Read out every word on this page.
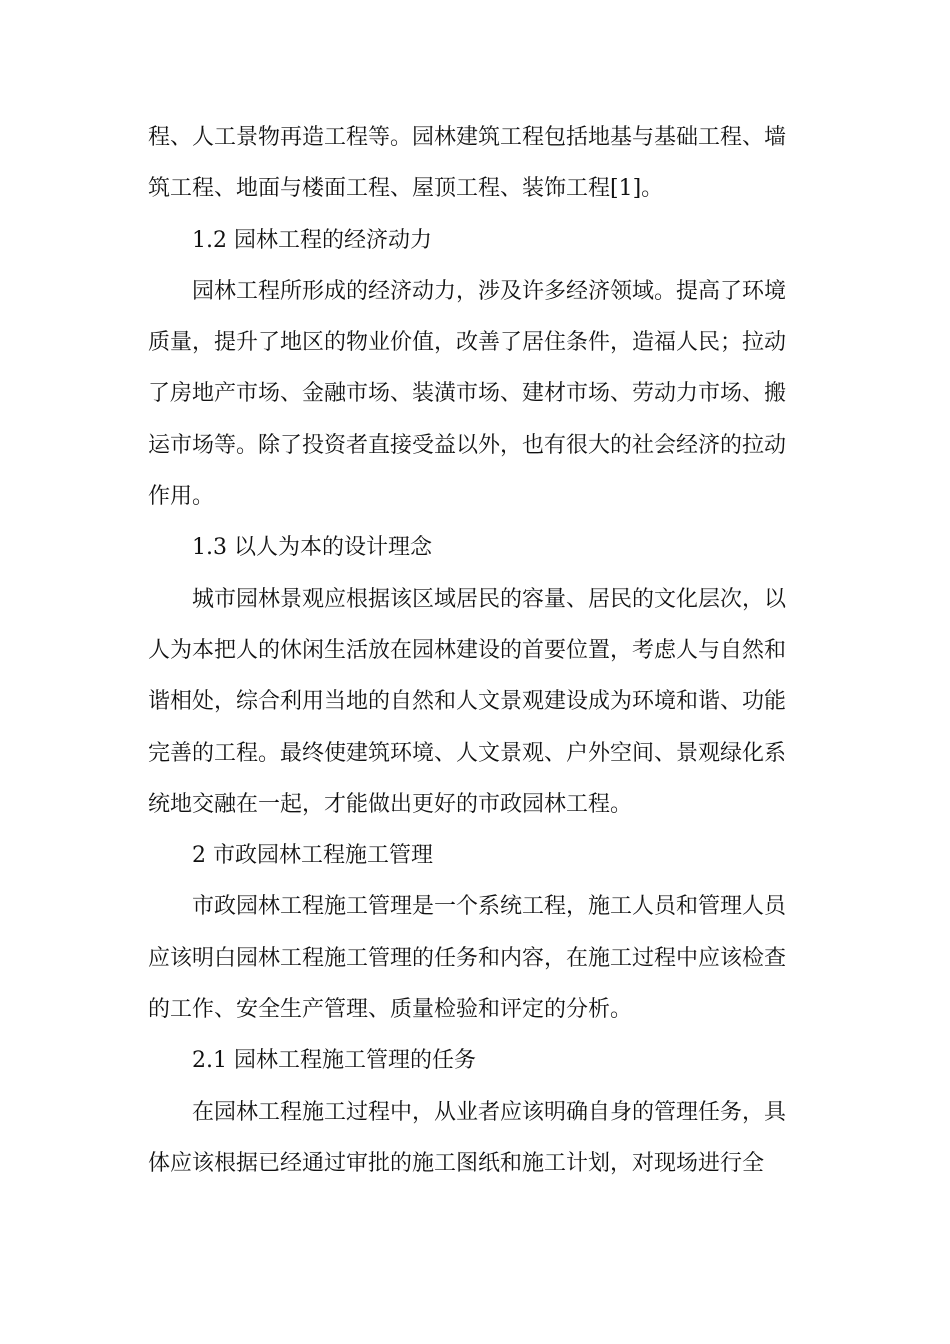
程、人工景物再造工程等。园林建筑工程包括地基与基础工程、墙
筑工程、地面与楼面工程、屋顶工程、装饰工程[1]。
1.2 园林工程的经济动力
园林工程所形成的经济动力，涉及许多经济领域。提高了环境
质量，提升了地区的物业价值，改善了居住条件，造福人民；拉动
了房地产市场、金融市场、装潢市场、建材市场、劳动力市场、搬
运市场等。除了投资者直接受益以外，也有很大的社会经济的拉动
作用。
1.3 以人为本的设计理念
城市园林景观应根据该区域居民的容量、居民的文化层次，以
人为本把人的休闲生活放在园林建设的首要位置，考虑人与自然和
谐相处，综合利用当地的自然和人文景观建设成为环境和谐、功能
完善的工程。最终使建筑环境、人文景观、户外空间、景观绿化系
统地交融在一起，才能做出更好的市政园林工程。
2 市政园林工程施工管理
市政园林工程施工管理是一个系统工程，施工人员和管理人员
应该明白园林工程施工管理的任务和内容，在施工过程中应该检查
的工作、安全生产管理、质量检验和评定的分析。
2.1 园林工程施工管理的任务
在园林工程施工过程中，从业者应该明确自身的管理任务，具
体应该根据已经通过审批的施工图纸和施工计划，对现场进行全
